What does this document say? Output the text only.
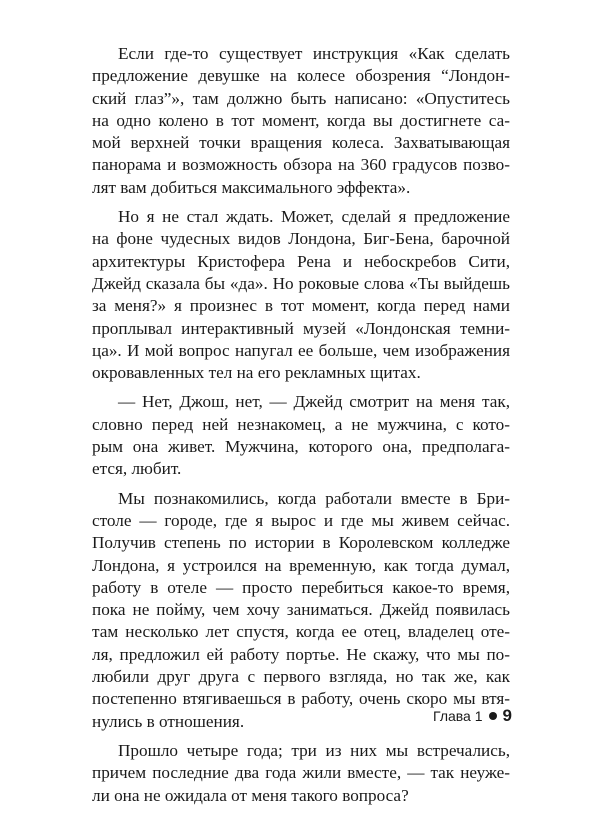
Если где-то существует инструкция «Как сделать
предложение девушке на колесе обозрения “Лондон-
ский глаз”», там должно быть написано: «Опуститесь
на одно колено в тот момент, когда вы достигнете са-
мой верхней точки вращения колеса. Захватывающая
панорама и возможность обзора на 360 градусов позво-
лят вам добиться максимального эффекта».
Но я не стал ждать. Может, сделай я предложение
на фоне чудесных видов Лондона, Биг-Бена, барочной
архитектуры Кристофера Рена и небоскребов Сити,
Джейд сказала бы «да». Но роковые слова «Ты выйдешь
за меня?» я произнес в тот момент, когда перед нами
проплывал интерактивный музей «Лондонская темни-
ца». И мой вопрос напугал ее больше, чем изображения
окровавленных тел на его рекламных щитах.
— Нет, Джош, нет, — Джейд смотрит на меня так,
словно перед ней незнакомец, а не мужчина, с кото-
рым она живет. Мужчина, которого она, предполага-
ется, любит.
Мы познакомились, когда работали вместе в Бри-
столе — городе, где я вырос и где мы живем сейчас.
Получив степень по истории в Королевском колледже
Лондона, я устроился на временную, как тогда думал,
работу в отеле — просто перебиться какое-то время,
пока не пойму, чем хочу заниматься. Джейд появилась
там несколько лет спустя, когда ее отец, владелец оте-
ля, предложил ей работу портье. Не скажу, что мы по-
любили друг друга с первого взгляда, но так же, как
постепенно втягиваешься в работу, очень скоро мы втя-
нулись в отношения.
Прошло четыре года; три из них мы встречались,
причем последние два года жили вместе, — так неуже-
ли она не ожидала от меня такого вопроса?
Глава 1 9
